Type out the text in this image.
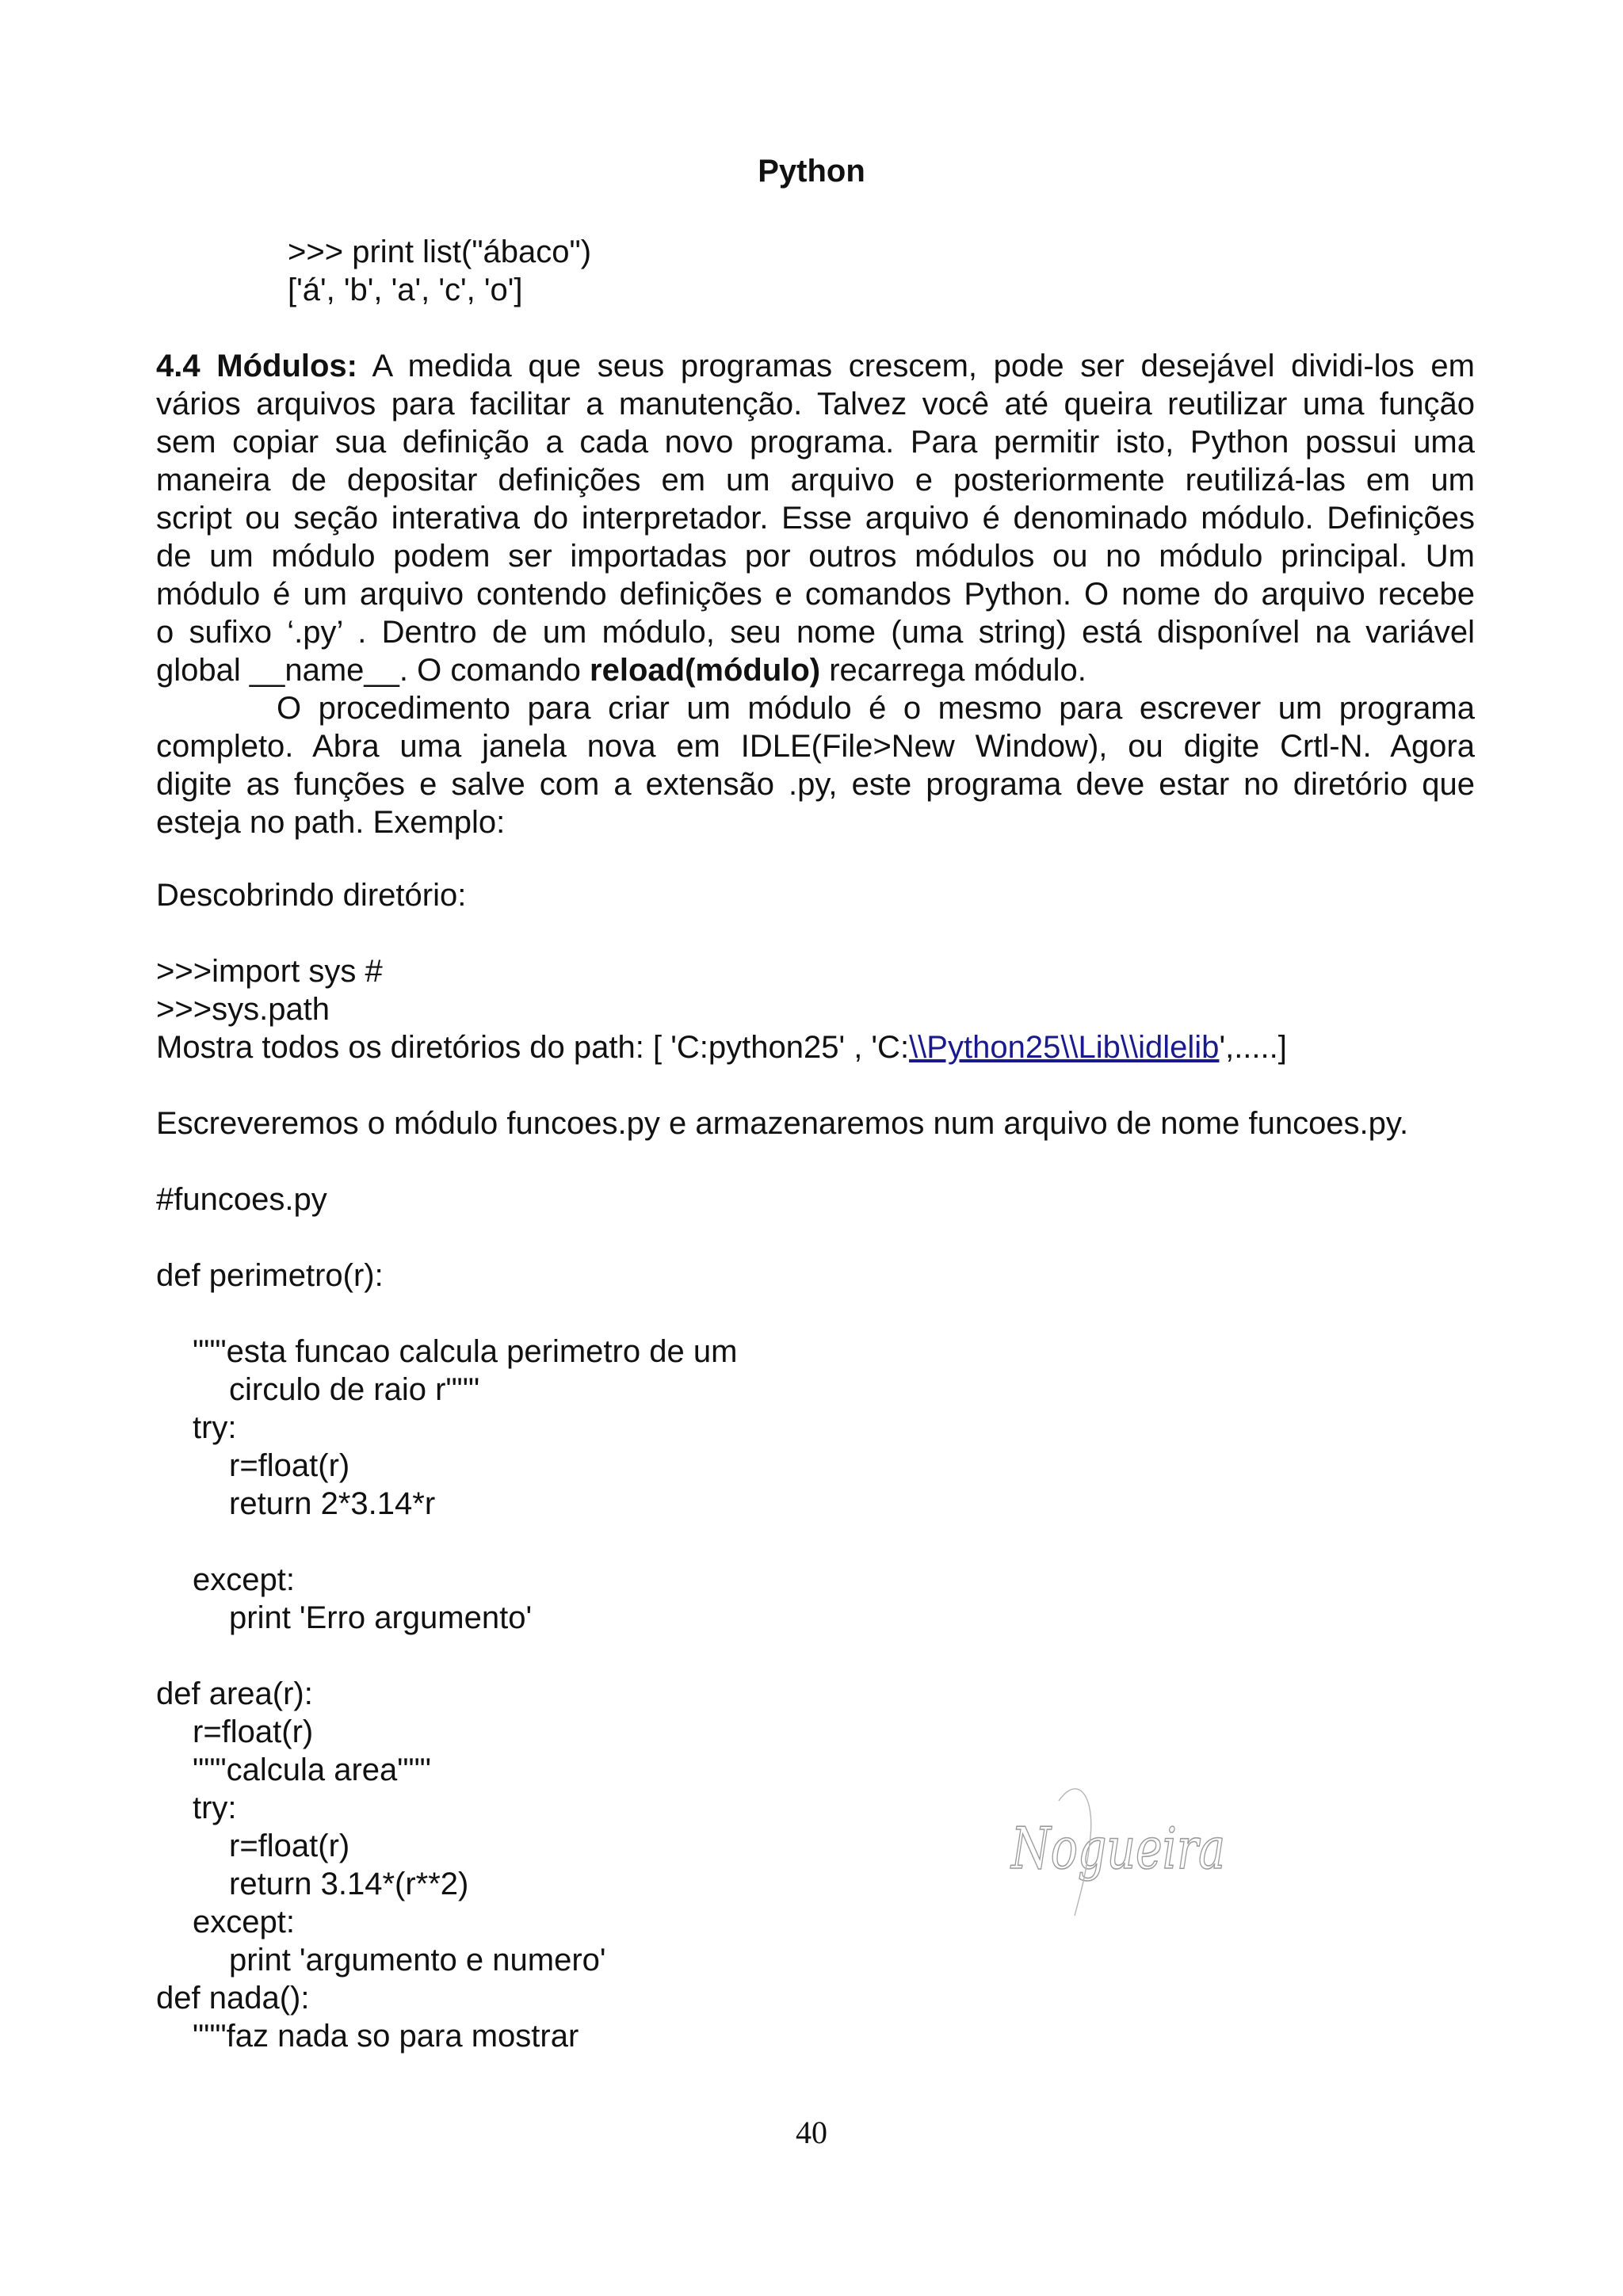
Python
>>> print list("ábaco")
['á', 'b', 'a', 'c', 'o']

4.4 Módulos: A medida que seus programas crescem, pode ser desejável dividi-los em

vários arquivos para facilitar a manutenção. Talvez você até queira reutilizar uma função

sem copiar sua definição a cada novo programa. Para permitir isto, Python possui uma

maneira de depositar definições em um arquivo e posteriormente reutilizá-las em um

script ou seção interativa do interpretador. Esse arquivo é denominado módulo. Definições

de um módulo podem ser importadas por outros módulos ou no módulo principal. Um

módulo é um arquivo contendo definições e comandos Python. O nome do arquivo recebe

o sufixo ‘.py’ . Dentro de um módulo, seu nome (uma string) está disponível na variável

global __name__. O comando reload(módulo) recarrega módulo.

O procedimento para criar um módulo é o mesmo para escrever um programa

completo. Abra uma janela nova em IDLE(File>New Window), ou digite Crtl-N. Agora

digite as funções e salve com a extensão .py, este programa deve estar no diretório que

esteja no path. Exemplo:

Descobrindo diretório:
>>>import sys #
>>>sys.path
Mostra todos os diretórios do path: [ 'C:python25' , 'C:\\Python25\\Lib\\idlelib',.....]
Escreveremos o módulo funcoes.py e armazenaremos num arquivo de nome funcoes.py.
#funcoes.py
def perimetro(r):
"""esta funcao calcula perimetro de um
circulo de raio r"""
try:
r=float(r)
return 2*3.14*r
except:
print 'Erro argumento'
def area(r):
r=float(r)
"""calcula area"""
try:
r=float(r)
return 3.14*(r**2)
except:
print 'argumento e numero'
def nada():
"""faz nada so para mostrar
Nogueira
40
